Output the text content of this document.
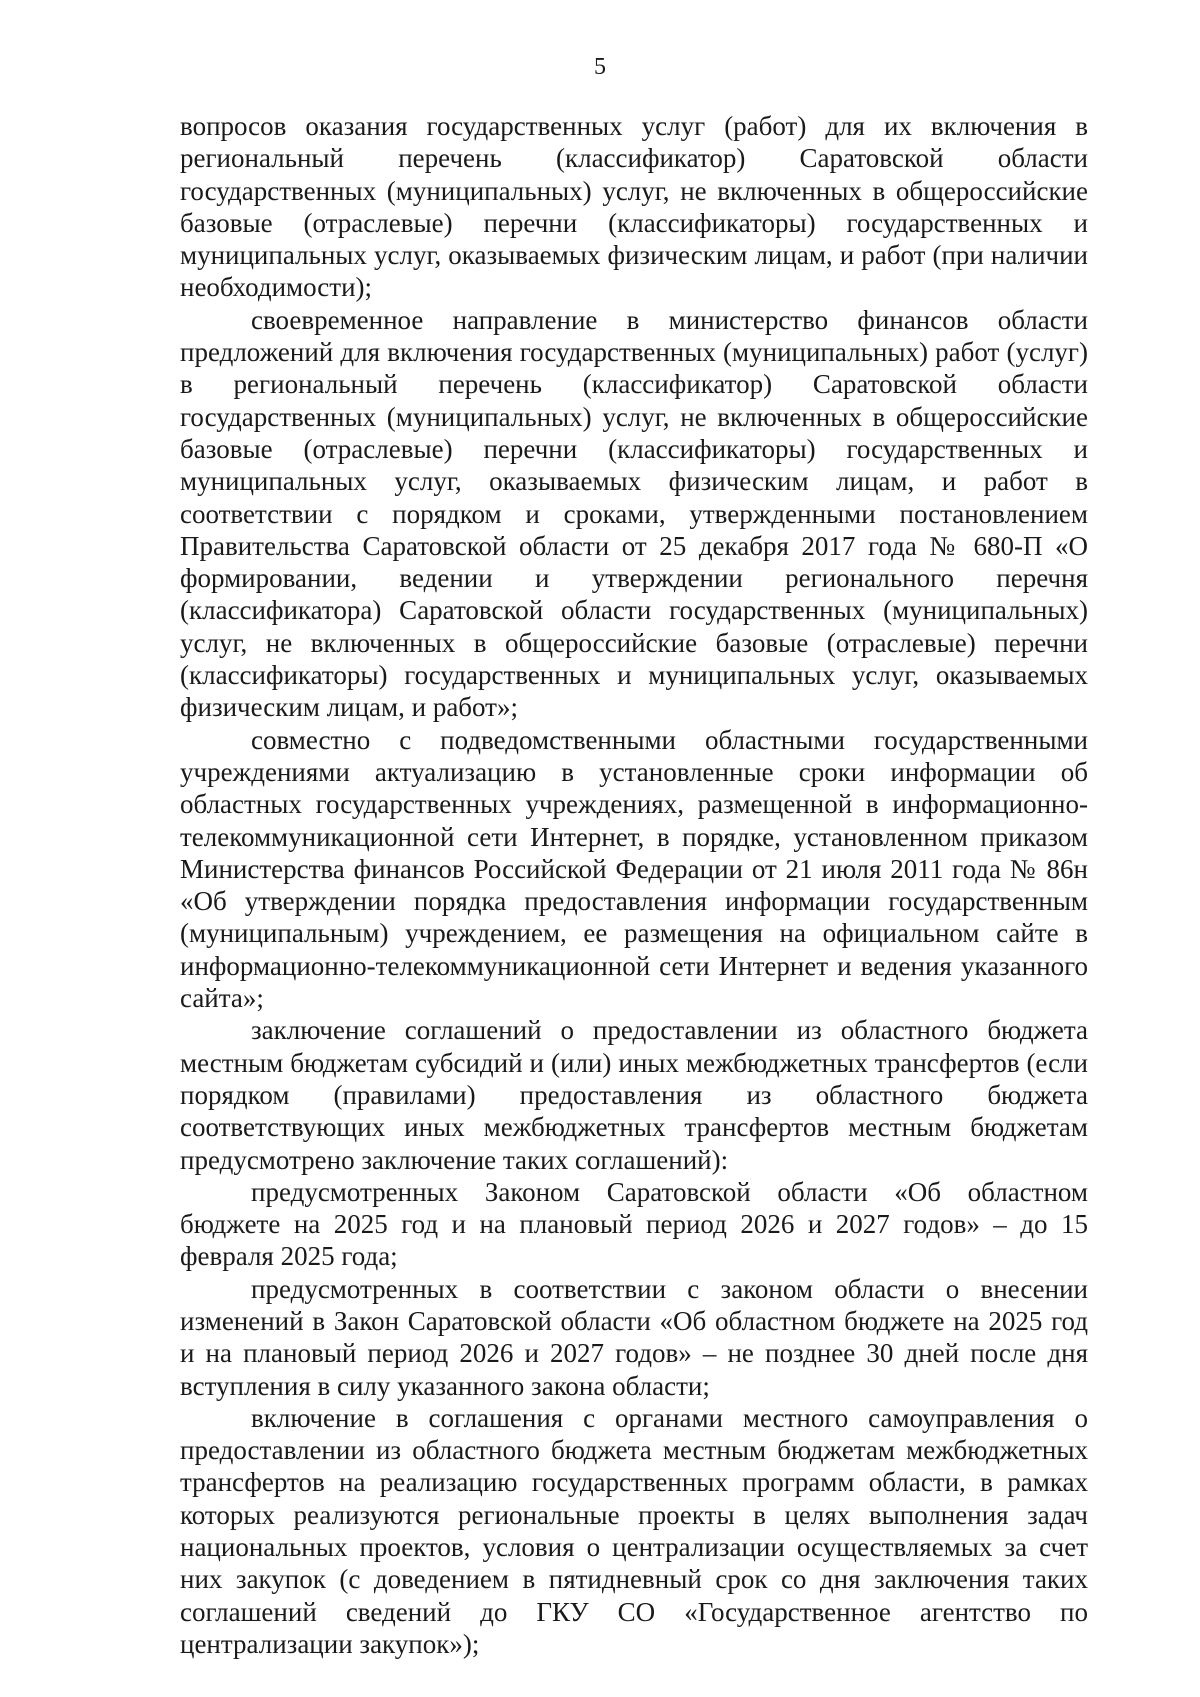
5

вопросов оказания государственных услуг (работ) для их включения в региональный перечень (классификатор) Саратовской области государственных (муниципальных) услуг, не включенных в общероссийские базовые (отраслевые) перечни (классификаторы) государственных и муниципальных услуг, оказываемых физическим лицам, и работ (при наличии необходимости);

своевременное направление в министерство финансов области предложений для включения государственных (муниципальных) работ (услуг) в региональный перечень (классификатор) Саратовской области государственных (муниципальных) услуг, не включенных в общероссийские базовые (отраслевые) перечни (классификаторы) государственных и муниципальных услуг, оказываемых физическим лицам, и работ в соответствии с порядком и сроками, утвержденными постановлением Правительства Саратовской области от 25 декабря 2017 года № 680-П «О формировании, ведении и утверждении регионального перечня (классификатора) Саратовской области государственных (муниципальных) услуг, не включенных в общероссийские базовые (отраслевые) перечни (классификаторы) государственных и муниципальных услуг, оказываемых физическим лицам, и работ»;

совместно с подведомственными областными государственными учреждениями актуализацию в установленные сроки информации об областных государственных учреждениях, размещенной в информационно-телекоммуникационной сети Интернет, в порядке, установленном приказом Министерства финансов Российской Федерации от 21 июля 2011 года № 86н «Об утверждении порядка предоставления информации государственным (муниципальным) учреждением, ее размещения на официальном сайте в информационно-телекоммуникационной сети Интернет и ведения указанного сайта»;

заключение соглашений о предоставлении из областного бюджета местным бюджетам субсидий и (или) иных межбюджетных трансфертов (если порядком (правилами) предоставления из областного бюджета соответствующих иных межбюджетных трансфертов местным бюджетам предусмотрено заключение таких соглашений):

предусмотренных Законом Саратовской области «Об областном бюджете на 2025 год и на плановый период 2026 и 2027 годов» – до 15 февраля 2025 года;

предусмотренных в соответствии с законом области о внесении изменений в Закон Саратовской области «Об областном бюджете на 2025 год и на плановый период 2026 и 2027 годов» – не позднее 30 дней после дня вступления в силу указанного закона области;

включение в соглашения с органами местного самоуправления о предоставлении из областного бюджета местным бюджетам межбюджетных трансфертов на реализацию государственных программ области, в рамках которых реализуются региональные проекты в целях выполнения задач национальных проектов, условия о централизации осуществляемых за счет них закупок (с доведением в пятидневный срок со дня заключения таких соглашений сведений до ГКУ СО «Государственное агентство по централизации закупок»);
